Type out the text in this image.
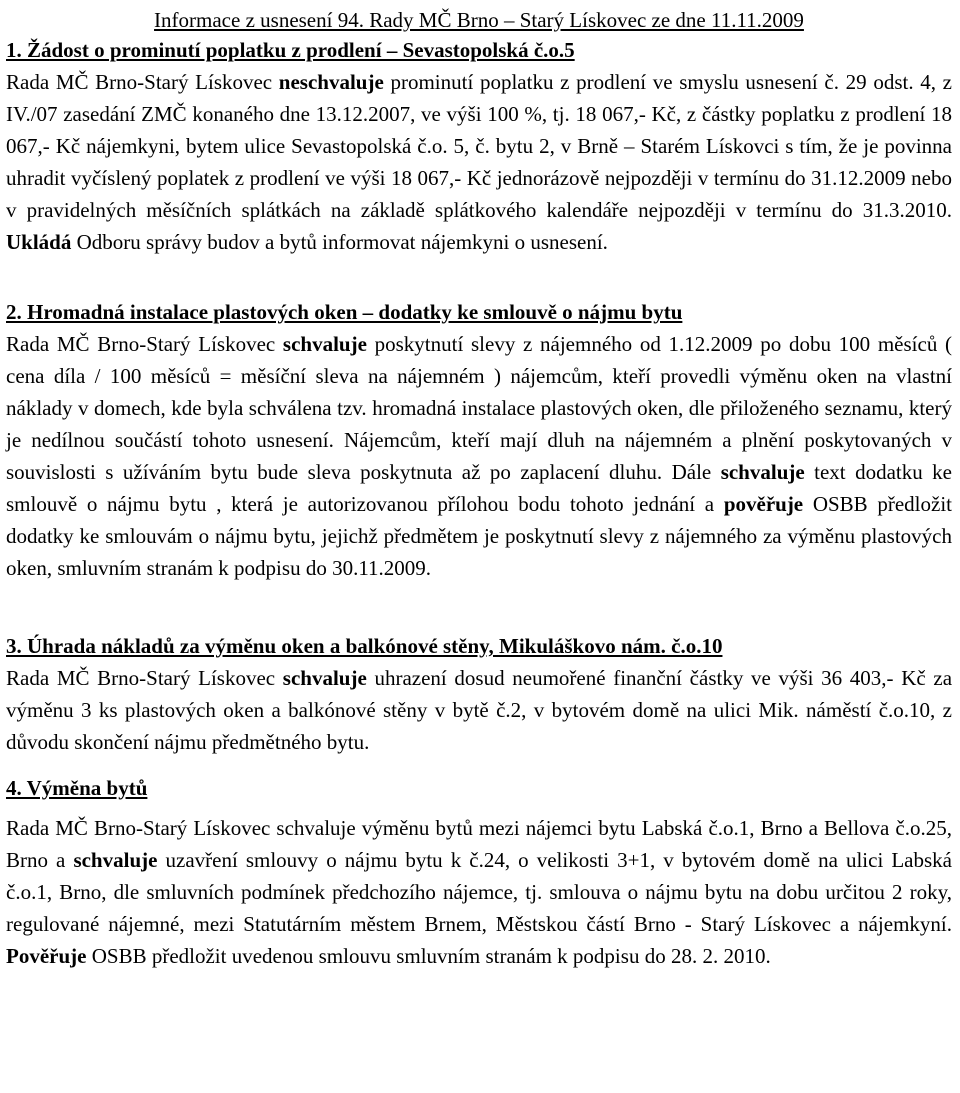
Informace z usnesení 94. Rady MČ Brno – Starý Lískovec ze dne 11.11.2009
1. Žádost o prominutí poplatku z prodlení – Sevastopolská č.o.5

Rada MČ Brno-Starý Lískovec neschvaluje prominutí poplatku z prodlení ve smyslu usnesení č. 29 odst. 4, z IV./07 zasedání ZMČ konaného dne 13.12.2007, ve výši 100 %, tj. 18 067,- Kč, z částky poplatku z prodlení 18 067,- Kč nájemkyni, bytem ulice Sevastopolská č.o. 5, č. bytu 2, v Brně – Starém Lískovci s tím, že je povinna uhradit vyčíslený poplatek z prodlení ve výši 18 067,- Kč jednorázově nejpozději v termínu do 31.12.2009 nebo v pravidelných měsíčních splátkách na základě splátkového kalendáře nejpozději v termínu do 31.3.2010. Ukládá Odboru správy budov a bytů informovat nájemkyni o usnesení.

2. Hromadná instalace plastových oken – dodatky ke smlouvě o nájmu bytu

Rada MČ Brno-Starý Lískovec schvaluje poskytnutí slevy z nájemného od 1.12.2009 po dobu 100 měsíců ( cena díla / 100 měsíců = měsíční sleva na nájemném ) nájemcům, kteří provedli výměnu oken na vlastní náklady v domech, kde byla schválena tzv. hromadná instalace plastových oken, dle přiloženého seznamu, který je nedílnou součástí tohoto usnesení. Nájemcům, kteří mají dluh na nájemném a plnění poskytovaných v souvislosti s užíváním bytu bude sleva poskytnuta až po zaplacení dluhu. Dále schvaluje text dodatku ke smlouvě o nájmu bytu , která je autorizovanou přílohou bodu tohoto jednání a pověřuje OSBB předložit dodatky ke smlouvám o nájmu bytu, jejichž předmětem je poskytnutí slevy z nájemného za výměnu plastových oken, smluvním stranám k podpisu do 30.11.2009.

3. Úhrada nákladů za výměnu oken a balkónové stěny, Mikuláškovo nám. č.o.10

Rada MČ Brno-Starý Lískovec schvaluje uhrazení dosud neumořené finanční částky ve výši 36 403,- Kč za výměnu 3 ks plastových oken a balkónové stěny v bytě č.2, v bytovém domě na ulici Mik. náměstí č.o.10, z důvodu skončení nájmu předmětného bytu.

4. Výměna bytů

Rada MČ Brno-Starý Lískovec schvaluje výměnu bytů mezi nájemci bytu Labská č.o.1, Brno a Bellova č.o.25, Brno a schvaluje uzavření smlouvy o nájmu bytu k č.24, o velikosti 3+1, v bytovém domě na ulici Labská č.o.1, Brno, dle smluvních podmínek předchozího nájemce, tj. smlouva o nájmu bytu na dobu určitou 2 roky, regulované nájemné, mezi Statutárním městem Brnem, Městskou částí Brno - Starý Lískovec a nájemkyní. Pověřuje OSBB předložit uvedenou smlouvu smluvním stranám k podpisu do 28. 2. 2010.
